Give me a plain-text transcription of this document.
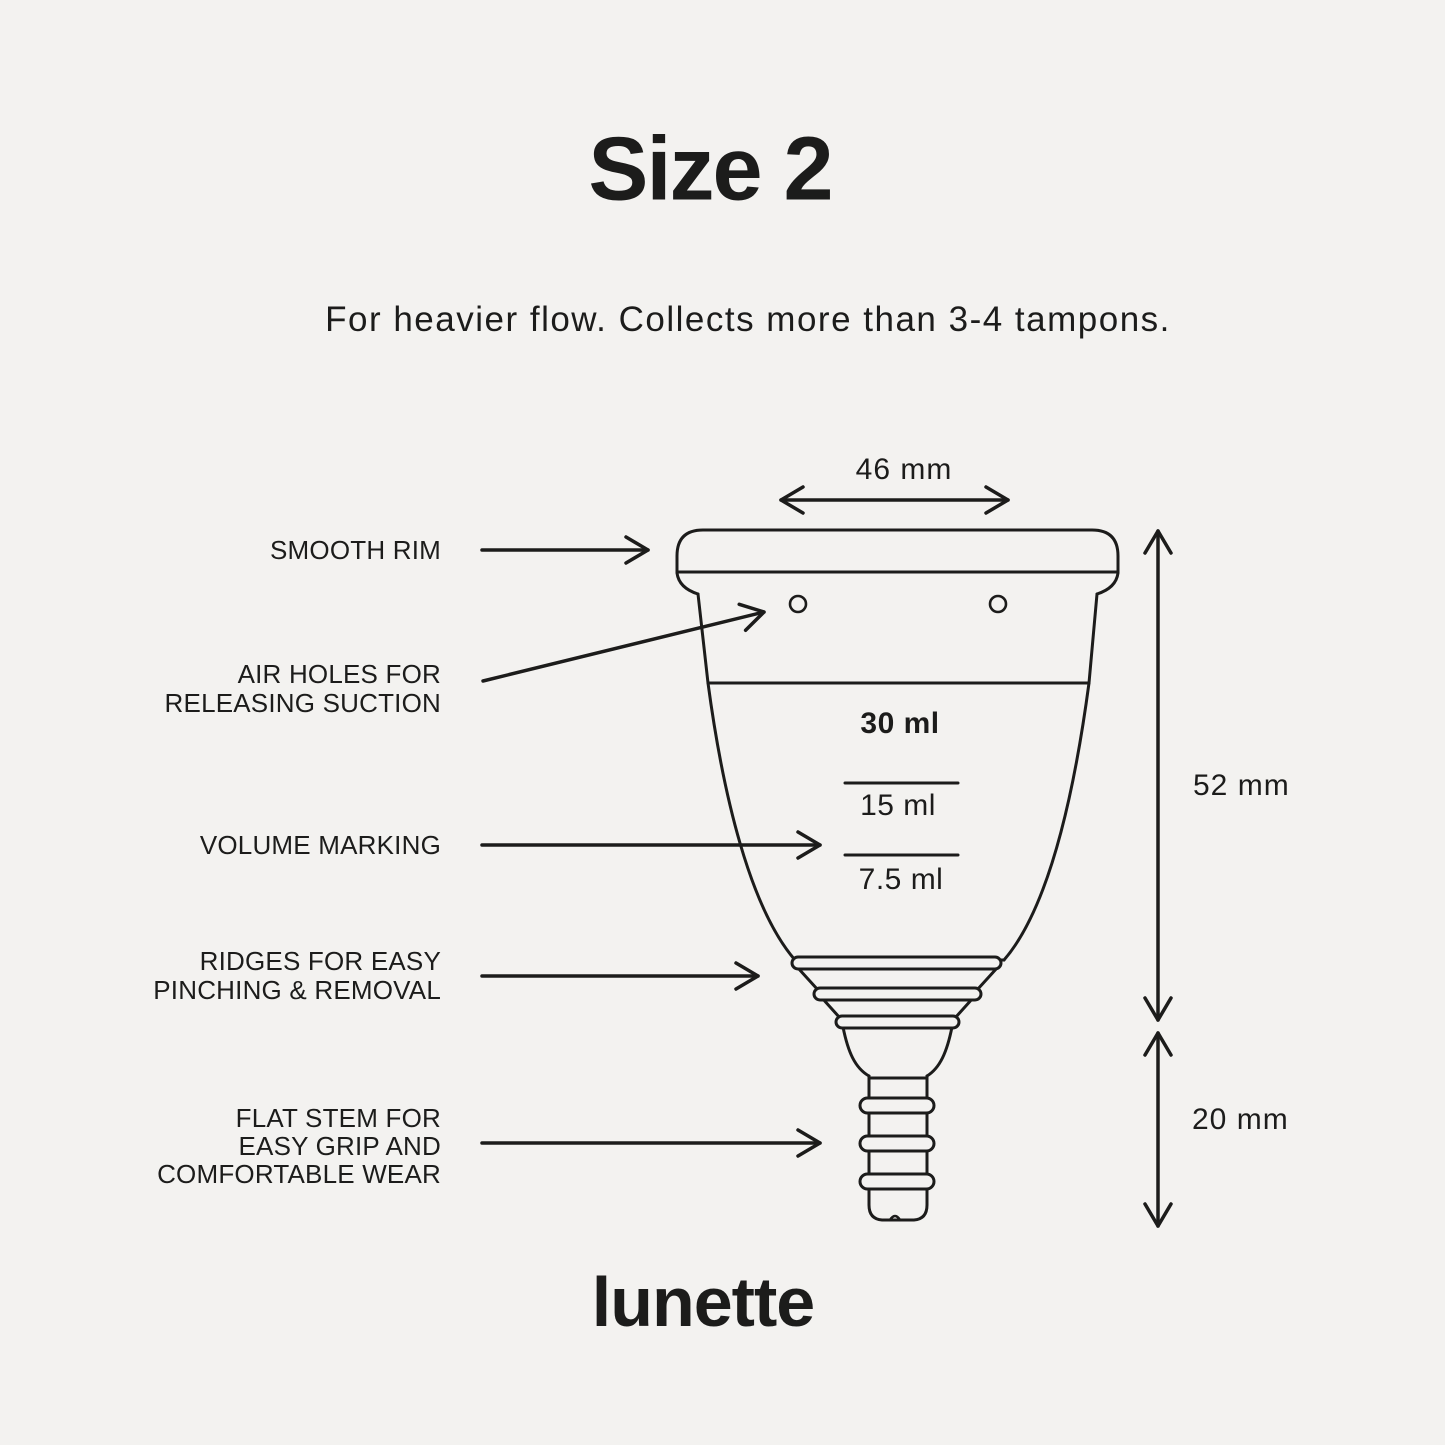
Size 2
For heavier flow. Collects more than 3-4 tampons.
46 mm
52 mm
20 mm
30 ml
15 ml
7.5 ml
SMOOTH RIM
AIR HOLES FOR
RELEASING SUCTION
VOLUME MARKING
RIDGES FOR EASY
PINCHING & REMOVAL
FLAT STEM FOR
EASY GRIP AND
COMFORTABLE WEAR
lunette
